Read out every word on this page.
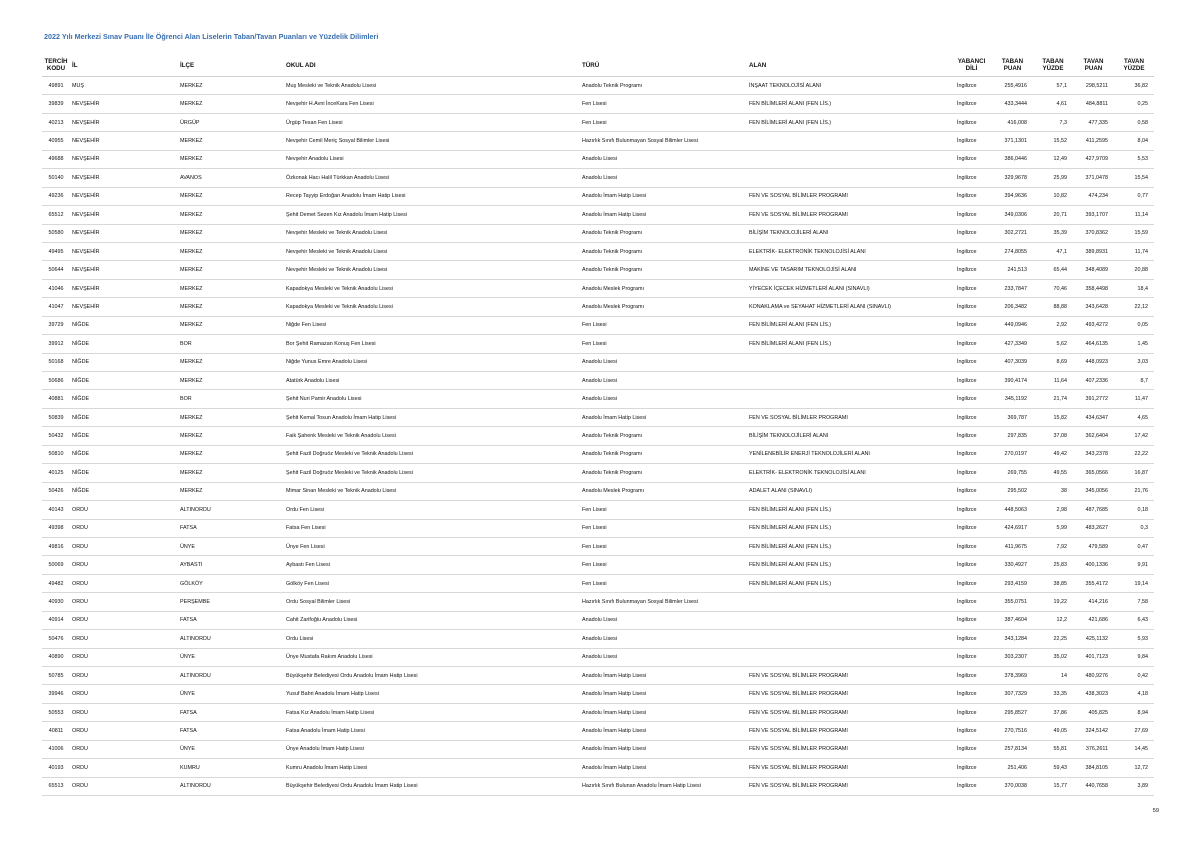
2022 Yılı Merkezi Sınav Puanı İle Öğrenci Alan Liselerin Taban/Tavan Puanları ve Yüzdelik Dilimleri
TERCİH KODU	İL	İLÇE	OKUL ADI	TÜRÜ	ALAN	YABANCI DİLİ	TABAN PUAN	TABAN YÜZDE	TAVAN PUAN	TAVAN YÜZDE
49891	MUŞ	MERKEZ	Muş Mesleki ve Teknik Anadolu Lisesi	Anadolu Teknik Programı	İNŞAAT TEKNOLOJİSİ ALANI	İngilizce	255,4916	57,1	298,5211	36,82
39839	NEVŞEHİR	MERKEZ	Nevşehir H.Avni İnceKara Fen Lisesi	Fen Lisesi	FEN BİLİMLERİ ALANI (FEN LİS.)	İngilizce	433,3444	4,61	484,8811	0,25
40213	NEVŞEHİR	ÜRGÜP	Ürgüp Tesan Fen Lisesi	Fen Lisesi	FEN BİLİMLERİ ALANI (FEN LİS.)	İngilizce	416,008	7,3	477,335	0,58
40955	NEVŞEHİR	MERKEZ	Nevşehir Cemil Meriç Sosyal Bilimler Lisesi	Hazırlık Sınıfı Bulunmayan Sosyal Bilimler Lisesi		İngilizce	371,1301	15,52	411,2595	8,04
49688	NEVŞEHİR	MERKEZ	Nevşehir Anadolu Lisesi	Anadolu Lisesi		İngilizce	386,0446	12,49	427,9709	5,53
50140	NEVŞEHİR	AVANOS	Özkonak Hacı Halil Türkkan Anadolu Lisesi	Anadolu Lisesi		İngilizce	329,9678	25,99	371,0478	15,54
49236	NEVŞEHİR	MERKEZ	Recep Tayyip Erdoğan Anadolu İmam Hatip Lisesi	Anadolu İmam Hatip Lisesi	FEN VE SOSYAL BİLİMLER PROGRAMI	İngilizce	394,9636	10,82	474,234	0,77
65512	NEVŞEHİR	MERKEZ	Şehit Demet Sezen Kız Anadolu İmam Hatip Lisesi	Anadolu İmam Hatip Lisesi	FEN VE SOSYAL BİLİMLER PROGRAMI	İngilizce	349,0306	20,71	393,1707	11,14
50580	NEVŞEHİR	MERKEZ	Nevşehir Mesleki ve Teknik Anadolu Lisesi	Anadolu Teknik Programı	BİLİŞİM TEKNOLOJİLERİ ALANI	İngilizce	302,2721	35,39	370,8362	15,59
49495	NEVŞEHİR	MERKEZ	Nevşehir Mesleki ve Teknik Anadolu Lisesi	Anadolu Teknik Programı	ELEKTRİK- ELEKTRONİK TEKNOLOJİSİ ALANI	İngilizce	274,8055	47,1	389,8931	11,74
50644	NEVŞEHİR	MERKEZ	Nevşehir Mesleki ve Teknik Anadolu Lisesi	Anadolu Teknik Programı	MAKİNE VE TASARIM TEKNOLOJİSİ ALANI	İngilizce	241,513	65,44	348,4089	20,88
41046	NEVŞEHİR	MERKEZ	Kapadokya Mesleki ve Teknik Anadolu Lisesi	Anadolu Meslek Programı	YİYECEK İÇECEK HİZMETLERİ ALANI (SINAVLI)	İngilizce	233,7847	70,46	358,4498	18,4
41047	NEVŞEHİR	MERKEZ	Kapadokya Mesleki ve Teknik Anadolu Lisesi	Anadolu Meslek Programı	KONAKLAMA ve SEYAHAT HİZMETLERİ ALANI (SINAVLI)	İngilizce	206,3482	88,88	343,6428	22,12
39729	NİĞDE	MERKEZ	Niğde Fen Lisesi	Fen Lisesi	FEN BİLİMLERİ ALANI (FEN LİS.)	İngilizce	449,0946	2,92	493,4272	0,05
39912	NİĞDE	BOR	Bor Şehit Ramazan Konuş Fen Lisesi	Fen Lisesi	FEN BİLİMLERİ ALANI (FEN LİS.)	İngilizce	427,3349	5,62	464,6135	1,45
50168	NİĞDE	MERKEZ	Niğde Yunus Emre Anadolu Lisesi	Anadolu Lisesi		İngilizce	407,3039	8,69	448,0923	3,03
50686	NİĞDE	MERKEZ	Atatürk Anadolu Lisesi	Anadolu Lisesi		İngilizce	390,4174	11,64	407,2336	8,7
40881	NİĞDE	BOR	Şehit Nuri Pamir Anadolu Lisesi	Anadolu Lisesi		İngilizce	345,1192	21,74	391,2772	11,47
50839	NİĞDE	MERKEZ	Şehit Kemal Tosun Anadolu İmam Hatip Lisesi	Anadolu İmam Hatip Lisesi	FEN VE SOSYAL BİLİMLER PROGRAMI	İngilizce	369,787	15,82	434,6347	4,65
50432	NİĞDE	MERKEZ	Faik Şahenk Mesleki ve Teknik Anadolu Lisesi	Anadolu Teknik Programı	BİLİŞİM TEKNOLOJİLERİ ALANI	İngilizce	297,835	37,08	362,6404	17,42
50810	NİĞDE	MERKEZ	Şehit Fazil Doğruöz Mesleki ve Teknik Anadolu Lisesi	Anadolu Teknik Programı	YENİLENEBİLİR ENERJİ TEKNOLOJİLERİ ALANI	İngilizce	270,0197	49,42	343,2378	22,22
40125	NİĞDE	MERKEZ	Şehit Fazil Doğruöz Mesleki ve Teknik Anadolu Lisesi	Anadolu Teknik Programı	ELEKTRİK- ELEKTRONİK TEKNOLOJİSİ ALANI	İngilizce	269,755	49,55	365,0566	16,87
50426	NİĞDE	MERKEZ	Mimar Sinan Mesleki ve Teknik Anadolu Lisesi	Anadolu Meslek Programı	ADALET ALANI (SINAVLI)	İngilizce	295,502	38	345,0056	21,76
40143	ORDU	ALTINORDU	Ordu Fen Lisesi	Fen Lisesi	FEN BİLİMLERİ ALANI (FEN LİS.)	İngilizce	448,5063	2,98	487,7685	0,18
49398	ORDU	FATSA	Fatsa Fen Lisesi	Fen Lisesi	FEN BİLİMLERİ ALANI (FEN LİS.)	İngilizce	424,6917	5,99	483,2627	0,3
49816	ORDU	ÜNYE	Ünye Fen Lisesi	Fen Lisesi	FEN BİLİMLERİ ALANI (FEN LİS.)	İngilizce	411,9675	7,92	479,589	0,47
50069	ORDU	AYBASTI	Aybastı Fen Lisesi	Fen Lisesi	FEN BİLİMLERİ ALANI (FEN LİS.)	İngilizce	330,4927	25,83	400,1336	9,91
49482	ORDU	GÖLKÖY	Gölköy Fen Lisesi	Fen Lisesi	FEN BİLİMLERİ ALANI (FEN LİS.)	İngilizce	293,4159	38,85	355,4172	19,14
40930	ORDU	PERŞEMBE	Ordu Sosyal Bilimler Lisesi	Hazırlık Sınıfı Bulunmayan Sosyal Bilimler Lisesi		İngilizce	355,0751	19,22	414,216	7,58
40914	ORDU	FATSA	Cahit Zarifoğlu Anadolu Lisesi	Anadolu Lisesi		İngilizce	387,4604	12,2	421,686	6,43
50476	ORDU	ALTINORDU	Ordu Lisesi	Anadolu Lisesi		İngilizce	343,1284	22,25	425,1132	5,93
40890	ORDU	ÜNYE	Ünye Mustafa Rakım Anadolu Lisesi	Anadolu Lisesi		İngilizce	303,2307	35,02	401,7123	9,84
50785	ORDU	ALTINORDU	Büyükşehir Belediyesi Ordu Anadolu İmam Hatip Lisesi	Anadolu İmam Hatip Lisesi	FEN VE SOSYAL BİLİMLER PROGRAMI	İngilizce	378,3969	14	480,9276	0,42
39946	ORDU	ÜNYE	Yusuf Bahri Anadolu İmam Hatip Lisesi	Anadolu İmam Hatip Lisesi	FEN VE SOSYAL BİLİMLER PROGRAMI	İngilizce	307,7329	33,35	438,3023	4,18
50553	ORDU	FATSA	Fatsa Kız Anadolu İmam Hatip Lisesi	Anadolu İmam Hatip Lisesi	FEN VE SOSYAL BİLİMLER PROGRAMI	İngilizce	295,8527	37,86	405,825	8,94
40811	ORDU	FATSA	Fatsa Anadolu İmam Hatip Lisesi	Anadolu İmam Hatip Lisesi	FEN VE SOSYAL BİLİMLER PROGRAMI	İngilizce	270,7516	49,05	324,5142	27,69
41006	ORDU	ÜNYE	Ünye Anadolu İmam Hatip Lisesi	Anadolu İmam Hatip Lisesi	FEN VE SOSYAL BİLİMLER PROGRAMI	İngilizce	257,8134	55,81	376,2611	14,45
40193	ORDU	KUMRU	Kumru Anadolu İmam Hatip Lisesi	Anadolu İmam Hatip Lisesi	FEN VE SOSYAL BİLİMLER PROGRAMI	İngilizce	251,406	59,43	384,8105	12,72
65513	ORDU	ALTINORDU	Büyükşehir Belediyesi Ordu Anadolu İmam Hatip Lisesi	Hazırlık Sınıfı Bulunan Anadolu İmam Hatip Lisesi	FEN VE SOSYAL BİLİMLER PROGRAMI	İngilizce	370,0038	15,77	440,7658	3,89
59
